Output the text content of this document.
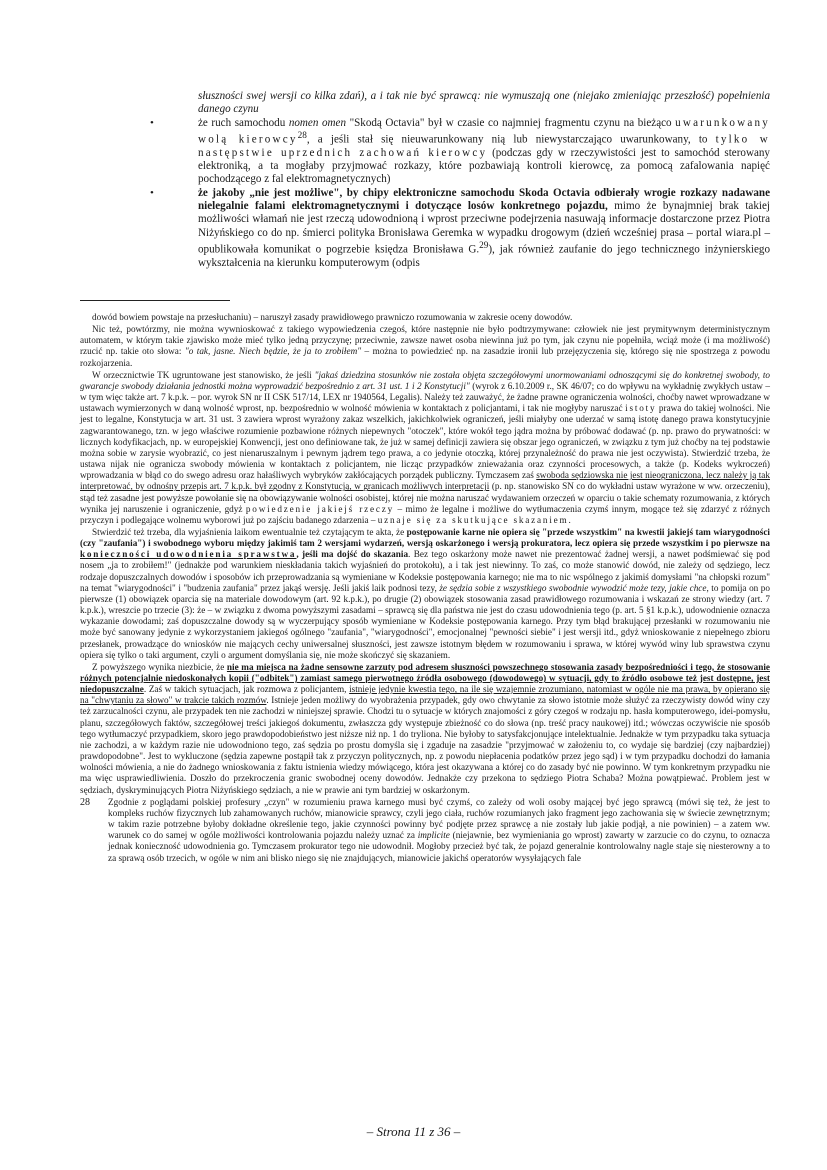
słuszności swej wersji co kilka zdań), a i tak nie być sprawcą: nie wymuszają one (niejako zmieniając przeszłość) popełnienia danego czynu

•	że ruch samochodu nomen omen "Skodą Octavia" był w czasie co najmniej fragmentu czynu na bieżąco uwarunkowany wolą kierowcy$^{28}$, a jeśli stał się nieuwarunkowany nią lub niewystarczająco uwarunkowany, to tylko w następstwie uprzednich zachowań kierowcy (podczas gdy w rzeczywistości jest to samochód sterowany elektroniką, a ta mogłaby przyjmować rozkazy, które pozbawiają kontroli kierowcę, za pomocą zafalowania napięć pochodzącego z fal elektromagnetycznych)

•	że jakoby „nie jest możliwe", by chipy elektroniczne samochodu Skoda Octavia odbierały wrogie rozkazy nadawane nielegalnie falami elektromagnetycznymi i dotyczące losów konkretnego pojazdu, mimo że bynajmniej brak takiej możliwości włamań nie jest rzeczą udowodnioną i wprost przeciwne podejrzenia nasuwają informacje dostarczone przez Piotra Niżyńskiego co do np. śmierci polityka Bronisława Geremka w wypadku drogowym (dzień wcześniej prasa – portal wiara.pl – opublikowała komunikat o pogrzebie księdza Bronisława G.$^{29}$), jak również zaufanie do jego technicznego inżynierskiego wykształcenia na kierunku komputerowym (odpis

dowód bowiem powstaje na przesłuchaniu) – naruszył zasady prawidłowego prawniczo rozumowania w zakresie oceny dowodów.

Nic też, powtórzmy, nie można wywnioskować z takiego wypowiedzenia czegoś, które następnie nie było podtrzymywane: człowiek nie jest prymitywnym deterministycznym automatem, w którym takie zjawisko może mieć tylko jedną przyczynę; przeciwnie, zawsze nawet osoba niewinna już po tym, jak czynu nie popełniła, wciąż może (i ma możliwość) rzucić np. takie oto słowa: "o tak, jasne. Niech będzie, że ja to zrobiłem" – można to powiedzieć np. na zasadzie ironii lub przejęzyczenia się, którego się nie spostrzega z powodu rozkojarzenia.

W orzecznictwie TK ugruntowane jest stanowisko, że jeśli "jakaś dziedzina stosunków nie została objęta szczegółowymi unormowaniami odnoszącymi się do konkretnej swobody, to gwarancje swobody działania jednostki można wyprowadzić bezpośrednio z art. 31 ust. 1 i 2 Konstytucji" (wyrok z 6.10.2009 r., SK 46/07; co do wpływu na wykładnię zwykłych ustaw – w tym więc także art. 7 k.p.k. – por. wyrok SN nr II CSK 517/14, LEX nr 1940564, Legalis). Należy też zauważyć, że żadne prawne ograniczenia wolności, choćby nawet wprowadzane w ustawach wymierzonych w daną wolność wprost, np. bezpośrednio w wolność mówienia w kontaktach z policjantami, i tak nie mogłyby naruszać istoty prawa do takiej wolności. Nie jest to legalne, Konstytucja w art. 31 ust. 3 zawiera wprost wyrażony zakaz wszelkich, jakichkolwiek ograniczeń, jeśli miałyby one uderzać w samą istotę danego prawa konstytucyjnie zagwarantowanego, tzn. w jego właściwe rozumienie pozbawione różnych niepewnych "otoczek", które wokół tego jądra można by próbować dodawać (p. np. prawo do prywatności: w licznych kodyfikacjach, np. w europejskiej Konwencji, jest ono definiowane tak, że już w samej definicji zawiera się obszar jego ograniczeń, w związku z tym już choćby na tej podstawie można sobie w zarysie wyobrazić, co jest nienaruszalnym i pewnym jądrem tego prawa, a co jedynie otoczką, której przynależność do prawa nie jest oczywista). Stwierdzić trzeba, że ustawa nijak nie ogranicza swobody mówienia w kontaktach z policjantem, nie licząc przypadków znieważania oraz czynności procesowych, a także (p. Kodeks wykroczeń) wprowadzania w błąd co do swego adresu oraz hałaśliwych wybryków zakłócających porządek publiczny. Tymczasem zaś swoboda sędziowska nie jest nieograniczona, lecz należy ją tak interpretować, by odnośny przepis art. 7 k.p.k. był zgodny z Konstytucją, w granicach możliwych interpretacji (p. np. stanowisko SN co do wykładni ustaw wyrażone w ww. orzeczeniu), stąd też zasadne jest powyższe powołanie się na obowiązywanie wolności osobistej, której nie można naruszać wydawaniem orzeczeń w oparciu o takie schematy rozumowania, z których wynika jej naruszenie i ograniczenie, gdyż powiedzenie jakiejś rzeczy – mimo że legalne i możliwe do wytłumaczenia czymś innym, mogące też się zdarzyć z różnych przyczyn i podlegające wolnemu wyborowi już po zajściu badanego zdarzenia – uznaje się za skutkujące skazaniem.

Stwierdzić też trzeba, dla wyjaśnienia laikom ewentualnie też czytającym te akta, że postępowanie karne nie opiera się "przede wszystkim" na kwestii jakiejś tam wiarygodności (czy "zaufania") i swobodnego wyboru między jakimiś tam 2 wersjami wydarzeń, wersją oskarżonego i wersją prokuratora, lecz opiera się przede wszystkim i po pierwsze na konieczności udowodnienia sprawstwa, jeśli ma dojść do skazania. Bez tego oskarżony może nawet nie prezentować żadnej wersji, a nawet podśmiewać się pod nosem „ja to zrobiłem!" (jednakże pod warunkiem nieskładania takich wyjaśnień do protokołu), a i tak jest niewinny. To zaś, co może stanowić dowód, nie zależy od sędziego, lecz rodzaje dopuszczalnych dowodów i sposobów ich przeprowadzania są wymieniane w Kodeksie postępowania karnego; nie ma to nic wspólnego z jakimiś domysłami "na chłopski rozum" na temat "wiarygodności" i "budzenia zaufania" przez jakąś wersję. Jeśli jakiś laik podnosi tezy, że sędzia sobie z wszystkiego swobodnie wywodzić może tezy, jakie chce, to pomija on po pierwsze (1) obowiązek oparcia się na materiale dowodowym (art. 92 k.p.k.), po drugie (2) obowiązek stosowania zasad prawidłowego rozumowania i wskazań ze strony wiedzy (art. 7 k.p.k.), wreszcie po trzecie (3): że – w związku z dwoma powyższymi zasadami – sprawcą się dla państwa nie jest do czasu udowodnienia tego (p. art. 5 §1 k.p.k.), udowodnienie oznacza wykazanie dowodami; zaś dopuszczalne dowody są w wyczerpujący sposób wymieniane w Kodeksie postępowania karnego. Przy tym błąd brakującej przesłanki w rozumowaniu nie może być sanowany jedynie z wykorzystaniem jakiegoś ogólnego "zaufania", "wiarygodności", emocjonalnej "pewności siebie" i jest wersji itd., gdyż wnioskowanie z niepełnego zbioru przesłanek, prowadzące do wniosków nie mających cechy uniwersalnej słuszności, jest zawsze istotnym błędem w rozumowaniu i sprawa, w której wywód winy lub sprawstwa czynu opiera się tylko o taki argument, czyli o argument domyślania się, nie może skończyć się skazaniem.

Z powyższego wynika niezbicie, że nie ma miejsca na żadne sensowne zarzuty pod adresem słuszności powszechnego stosowania zasady bezpośredniości i tego, że stosowanie różnych potencjalnie niedoskonałych kopii ("odbitek") zamiast samego pierwotnego źródła osobowego (dowodowego) w sytuacji, gdy to źródło osobowe też jest dostępne, jest niedopuszczalne. Zaś w takich sytuacjach, jak rozmowa z policjantem, istnieje jedynie kwestia tego, na ile się wzajemnie zrozumiano, natomiast w ogóle nie ma prawa, by opierano się na "chwytaniu za słowo" w trakcie takich rozmów. Istnieje jeden możliwy do wyobrażenia przypadek, gdy owo chwytanie za słowo istotnie może służyć za rzeczywisty dowód winy czy też zarzucalności czynu, ale przypadek ten nie zachodzi w niniejszej sprawie. Chodzi tu o sytuacje w których znajomości z góry czegoś w rodzaju np. hasła komputerowego, idei-pomysłu, planu, szczegółowych faktów, szczegółowej treści jakiegoś dokumentu, zwłaszcza gdy występuje zbieżność co do słowa (np. treść pracy naukowej) itd.; wówczas oczywiście nie sposób tego wytłumaczyć przypadkiem, skoro jego prawdopodobieństwo jest niższe niż np. 1 do tryliona. Nie byłoby to satysfakcjonujące intelektualnie. Jednakże w tym przypadku taka sytuacja nie zachodzi, a w każdym razie nie udowodniono tego, zaś sędzia po prostu domyśla się i zgaduje na zasadzie "przyjmować w założeniu to, co wydaje się bardziej (czy najbardziej) prawdopodobne". Jest to wykluczone (sędzia zapewne postąpił tak z przyczyn politycznych, np. z powodu niepłacenia podatków przez jego sąd) i w tym przypadku dochodzi do łamania wolności mówienia, a nie do żadnego wnioskowania z faktu istnienia wiedzy mówiącego, która jest okazywana a której co do zasady być nie powinno. W tym konkretnym przypadku nie ma więc usprawiedliwienia. Doszło do przekroczenia granic swobodnej oceny dowodów. Jednakże czy przekona to sędziego Piotra Schaba? Można powątpiewać. Problem jest w sędziach, dyskryminujących Piotra Niżyńskiego sędziach, a nie w prawie ani tym bardziej w oskarżonym.

28 Zgodnie z poglądami polskiej profesury „czyn" w rozumieniu prawa karnego musi być czymś, co zależy od woli osoby mającej być jego sprawcą (mówi się też, że jest to kompleks ruchów fizycznych lub zahamowanych ruchów, mianowicie sprawcy, czyli jego ciała, ruchów rozumianych jako fragment jego zachowania się w świecie zewnętrznym; w takim razie potrzebne byłoby dokładne określenie tego, jakie czynności powinny być podjęte przez sprawcę a nie zostały lub jakie podjął, a nie powinien) – a zatem ww. warunek co do samej w ogóle możliwości kontrolowania pojazdu należy uznać za implicite (niejawnie, bez wymieniania go wprost) zawarty w zarzucie co do czynu, to oznacza jednak konieczność udowodnienia go. Tymczasem prokurator tego nie udowodnił. Mogłoby przecież być tak, że pojazd generalnie kontrolowalny nagle staje się niesterowny a to za sprawą osób trzecich, w ogóle w nim ani blisko niego się nie znajdujących, mianowicie jakichś operatorów wysyłających fale

– Strona 11 z 36 –
